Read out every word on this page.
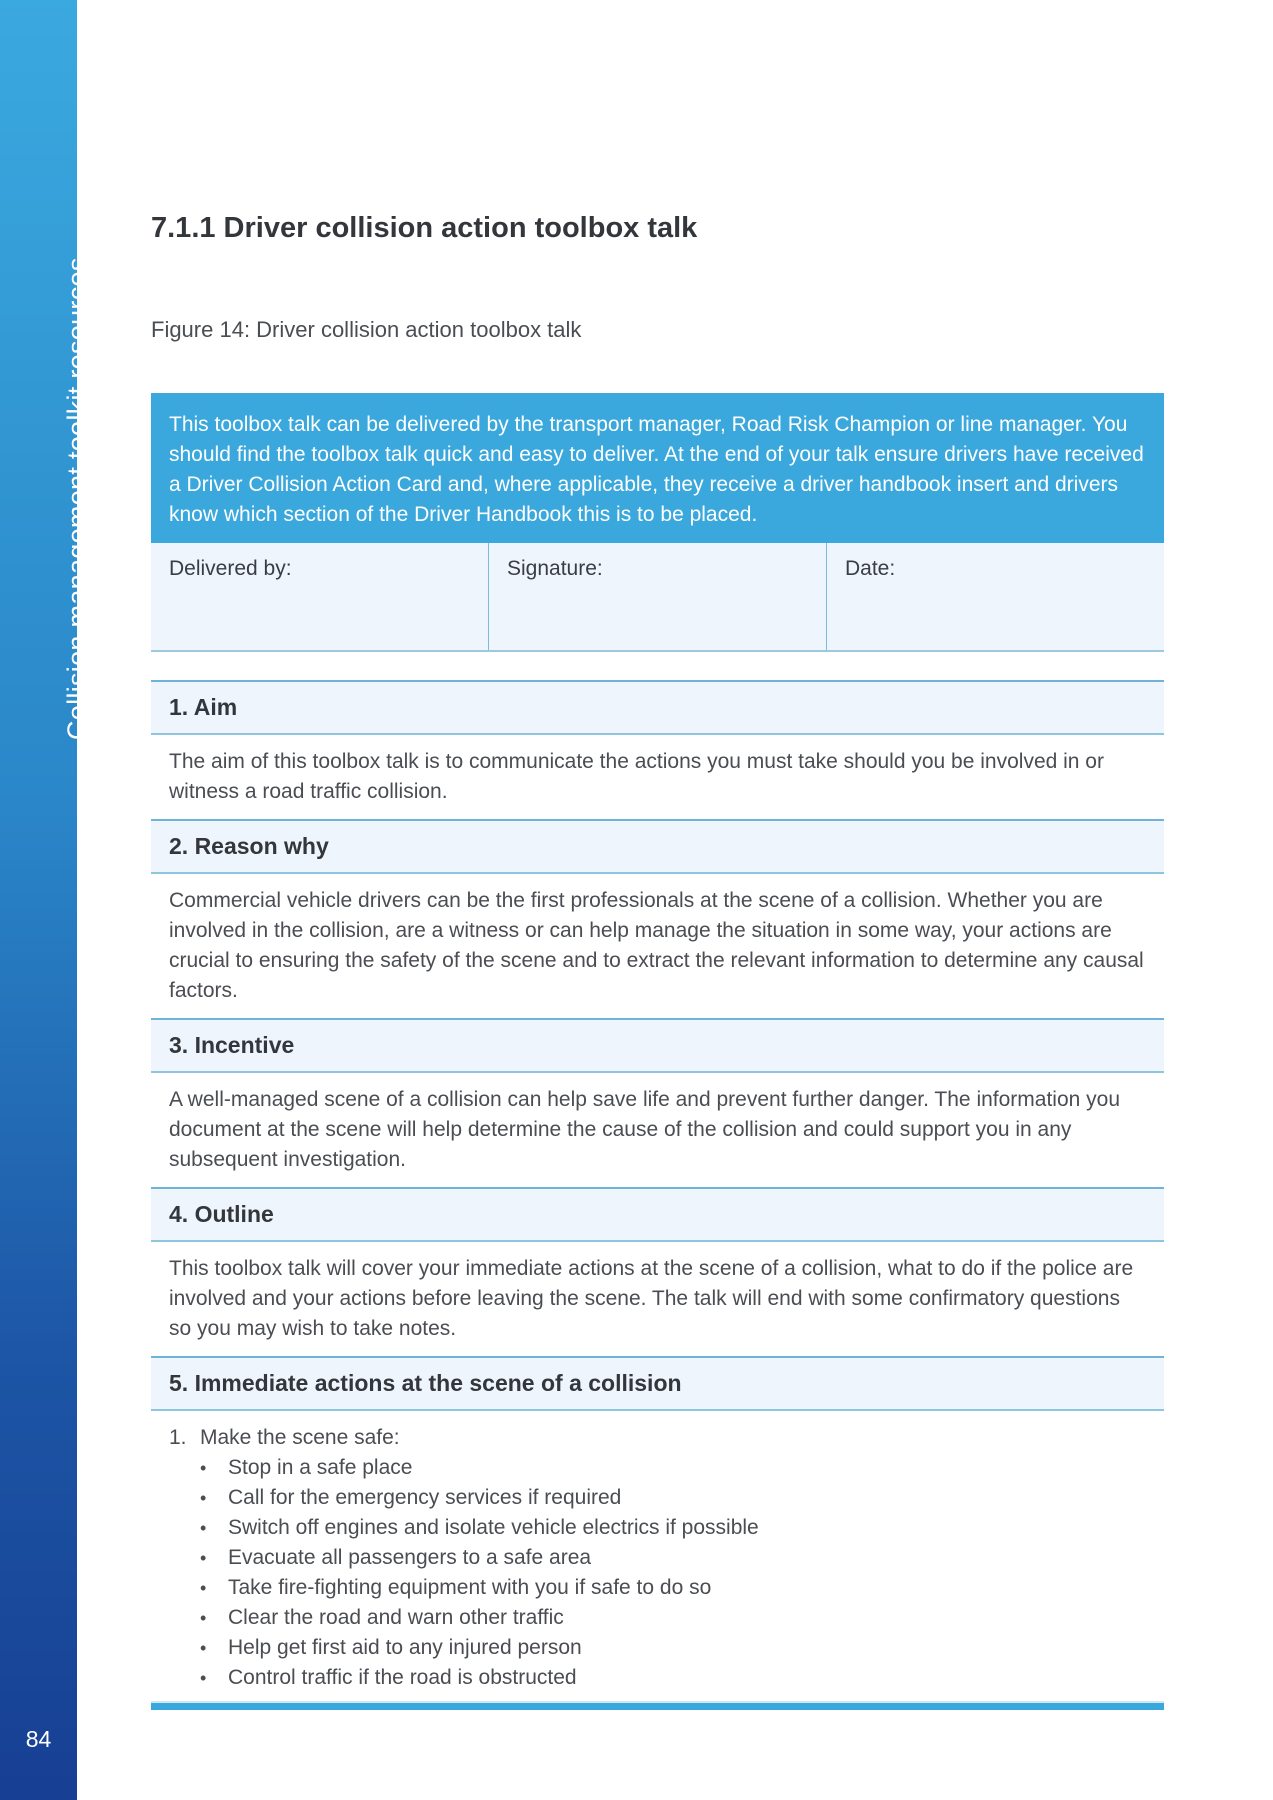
Collision management toolkit resources
84
7.1.1 Driver collision action toolbox talk
Figure 14: Driver collision action toolbox talk
This toolbox talk can be delivered by the transport manager, Road Risk Champion or line manager. You should find the toolbox talk quick and easy to deliver. At the end of your talk ensure drivers have received a Driver Collision Action Card and, where applicable, they receive a driver handbook insert and drivers know which section of the Driver Handbook this is to be placed.
Delivered by:	Signature:	Date:
1. Aim
The aim of this toolbox talk is to communicate the actions you must take should you be involved in or witness a road traffic collision.
2. Reason why
Commercial vehicle drivers can be the first professionals at the scene of a collision. Whether you are involved in the collision, are a witness or can help manage the situation in some way, your actions are crucial to ensuring the safety of the scene and to extract the relevant information to determine any causal factors.
3. Incentive
A well-managed scene of a collision can help save life and prevent further danger. The information you document at the scene will help determine the cause of the collision and could support you in any subsequent investigation.
4. Outline
This toolbox talk will cover your immediate actions at the scene of a collision, what to do if the police are involved and your actions before leaving the scene. The talk will end with some confirmatory questions so you may wish to take notes.
5. Immediate actions at the scene of a collision
1. Make the scene safe:
•	Stop in a safe place
•	Call for the emergency services if required
•	Switch off engines and isolate vehicle electrics if possible
•	Evacuate all passengers to a safe area
•	Take fire-fighting equipment with you if safe to do so
•	Clear the road and warn other traffic
•	Help get first aid to any injured person
•	Control traffic if the road is obstructed
